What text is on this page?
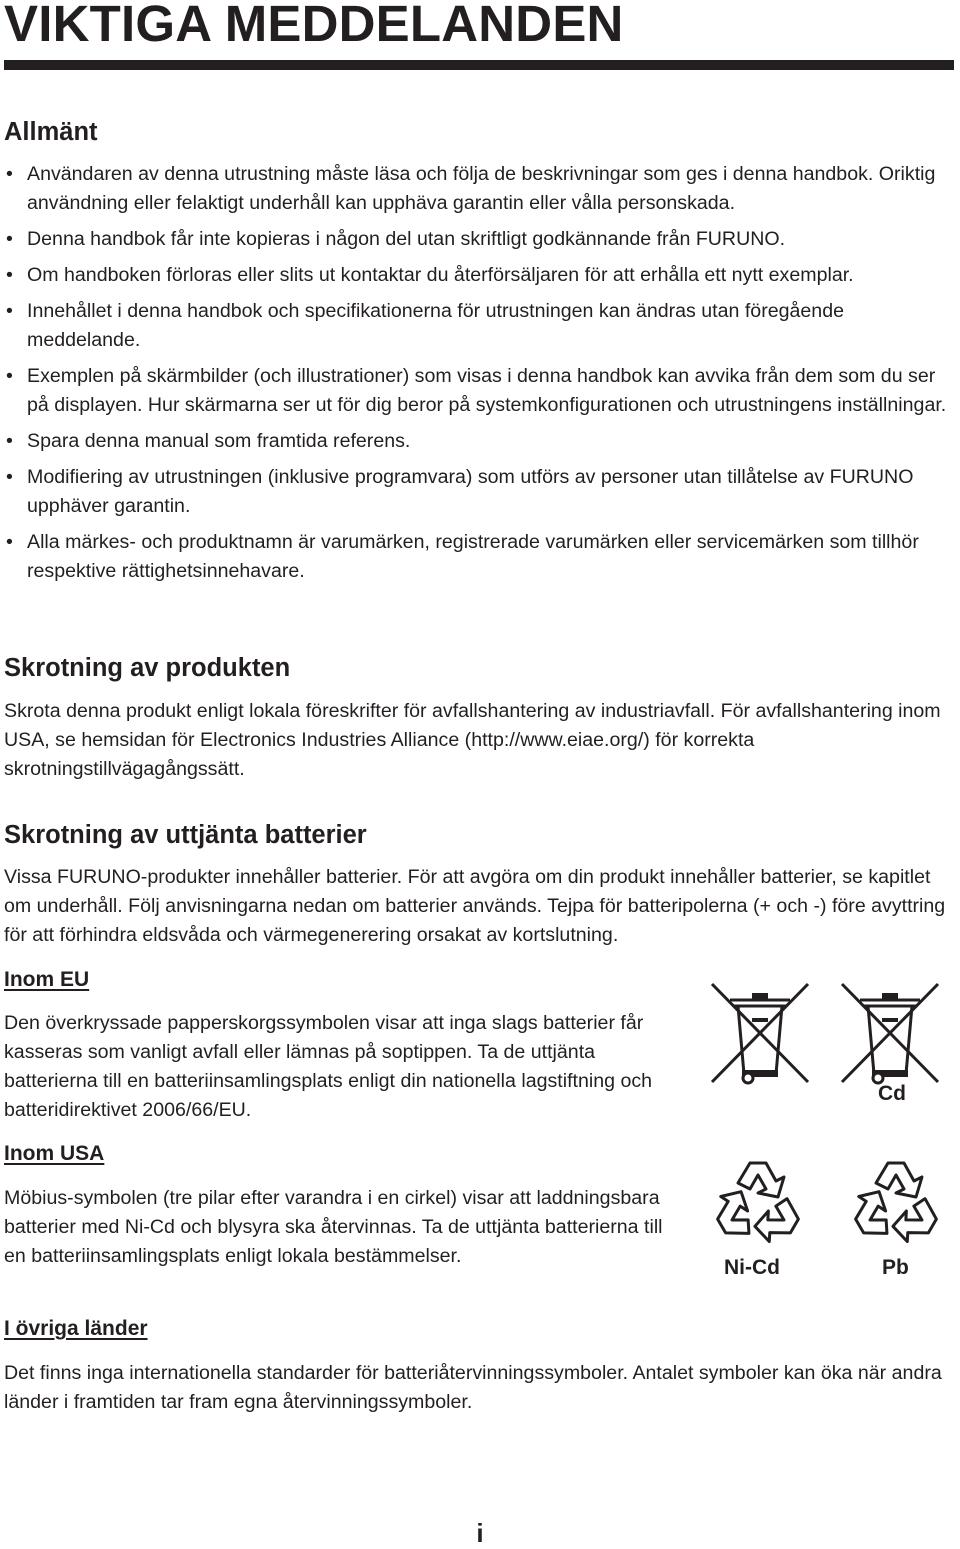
VIKTIGA MEDDELANDEN
Allmänt
• Användaren av denna utrustning måste läsa och följa de beskrivningar som ges i denna handbok. Oriktig användning eller felaktigt underhåll kan upphäva garantin eller vålla personskada.
• Denna handbok får inte kopieras i någon del utan skriftligt godkännande från FURUNO.
• Om handboken förloras eller slits ut kontaktar du återförsäljaren för att erhålla ett nytt exemplar.
• Innehållet i denna handbok och specifikationerna för utrustningen kan ändras utan föregående meddelande.
• Exemplen på skärmbilder (och illustrationer) som visas i denna handbok kan avvika från dem som du ser på displayen. Hur skärmarna ser ut för dig beror på systemkonfigurationen och utrustningens inställningar.
• Spara denna manual som framtida referens.
• Modifiering av utrustningen (inklusive programvara) som utförs av personer utan tillåtelse av FURUNO upphäver garantin.
• Alla märkes- och produktnamn är varumärken, registrerade varumärken eller servicemärken som tillhör respektive rättighetsinnehavare.
Skrotning av produkten

Skrota denna produkt enligt lokala föreskrifter för avfallshantering av industriavfall. För avfallshantering inom USA, se hemsidan för Electronics Industries Alliance (http://www.eiae.org/) för korrekta skrotningstillvägagångssätt.

Skrotning av uttjänta batterier

Vissa FURUNO-produkter innehåller batterier. För att avgöra om din produkt innehåller batterier, se kapitlet om underhåll. Följ anvisningarna nedan om batterier används. Tejpa för batteripolerna (+ och -) före avyttring för att förhindra eldsvåda och värmegenerering orsakat av kortslutning.

Inom EU

Den överkryssade papperskorgssymbolen visar att inga slags batterier får kasseras som vanligt avfall eller lämnas på soptippen. Ta de uttjänta batterierna till en batteriinsamlingsplats enligt din nationella lagstiftning och batteridirektivet 2006/66/EU.

Inom USA

Möbius-symbolen (tre pilar efter varandra i en cirkel) visar att laddningsbara batterier med Ni-Cd och blysyra ska återvinnas. Ta de uttjänta batterierna till en batteriinsamlingsplats enligt lokala bestämmelser.

I övriga länder

Det finns inga internationella standarder för batteriåtervinningssymboler. Antalet symboler kan öka när andra länder i framtiden tar fram egna återvinningssymboler.

Cd
Ni-Cd	Pb
i
